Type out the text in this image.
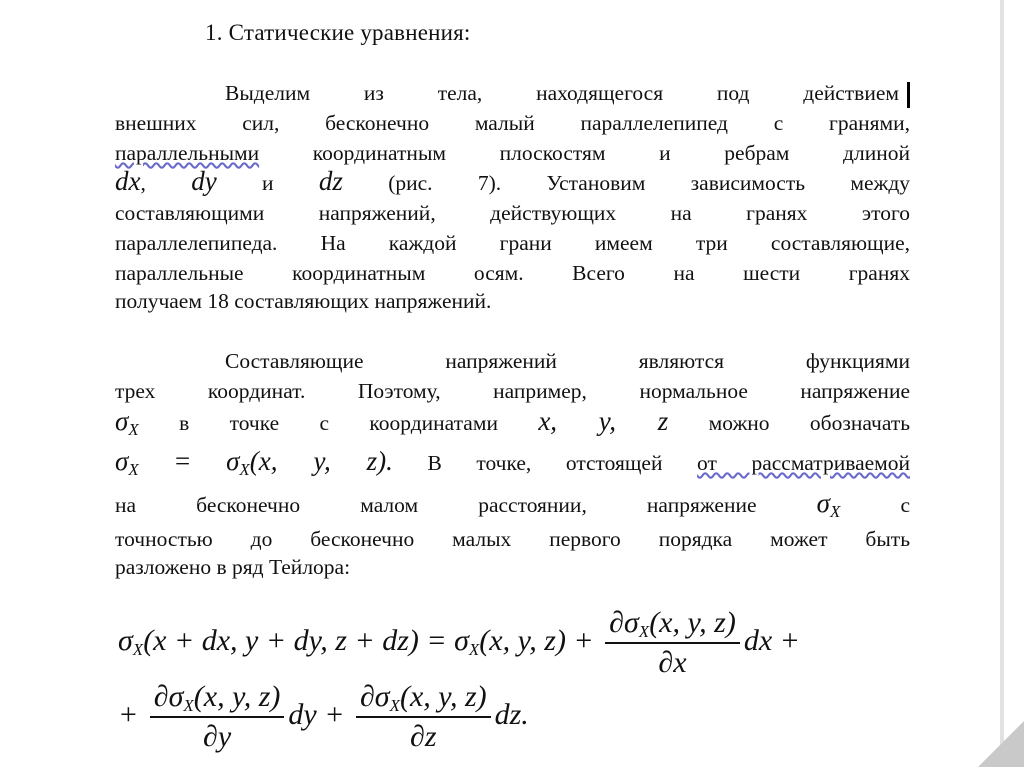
1. Статические уравнения:

Выделим из тела, находящегося под действием

внешних сил, бесконечно малый параллелепипед с гранями,

параллельными координатным плоскостям и ребрам длиной

dx, dy и dz (рис. 7). Установим зависимость между

составляющими напряжений, действующих на гранях этого

параллелепипеда. На каждой грани имеем три составляющие,

параллельные координатным осям. Всего на шести гранях

получаем 18 составляющих напряжений.

Составляющие напряжений являются функциями

трех координат. Поэтому, например, нормальное напряжение

$\sigma_X$ в точке с координатами x, y, z можно обозначать

$\sigma_X = \sigma_X(x$, y, z). В точке, отстоящей от рассматриваемой

на бесконечно малом расстоянии, напряжение $\sigma_X$	с

точностью до бесконечно малых первого порядка может быть

разложено в ряд Тейлора:

σX(x + dx, y + dy, z + dz) = σX(x, y, $z) + \frac{\partial\sigma X(x, y, z)}{\partial x}$ dx +
+ $\frac{\partial\sigma X(x, y, z)}{\partial y}$ dy + $\frac{\partial\sigma X(x, y, z)}{\partial z}$ dz.
